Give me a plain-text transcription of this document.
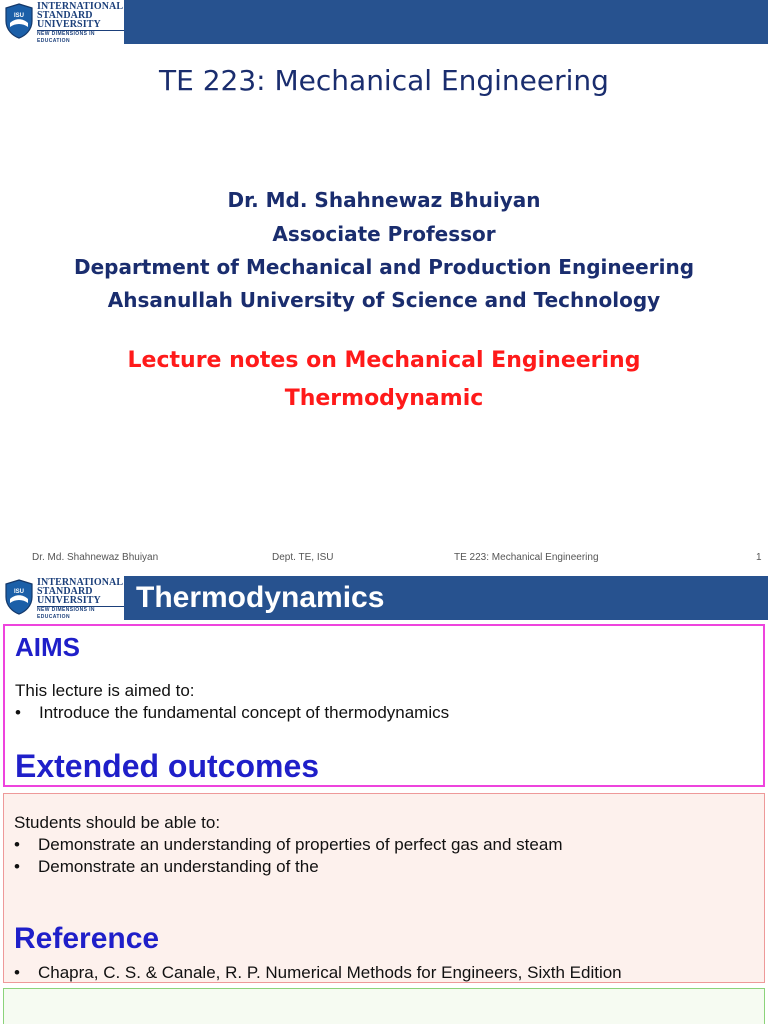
ISU
INTERNATIONAL
STANDARD
UNIVERSITY
NEW DIMENSIONS IN EDUCATION
TE 223: Mechanical Engineering
Dr. Md. Shahnewaz Bhuiyan
Associate Professor
Department of Mechanical and Production Engineering
Ahsanullah University of Science and Technology
Lecture notes on Mechanical Engineering
Thermodynamic
Dr. Md. Shahnewaz Bhuiyan	Dept. TE, ISU	TE 223: Mechanical Engineering	1
ISU
INTERNATIONAL
STANDARD
UNIVERSITY
NEW DIMENSIONS IN EDUCATION
Thermodynamics
AIMS
This lecture is aimed to:
• Introduce the fundamental concept of thermodynamics
Extended outcomes
Students should be able to:
• Demonstrate an understanding of properties of perfect gas and steam
• Demonstrate an understanding of the
Reference
• Chapra, C. S. & Canale, R. P. Numerical Methods for Engineers, Sixth Edition
